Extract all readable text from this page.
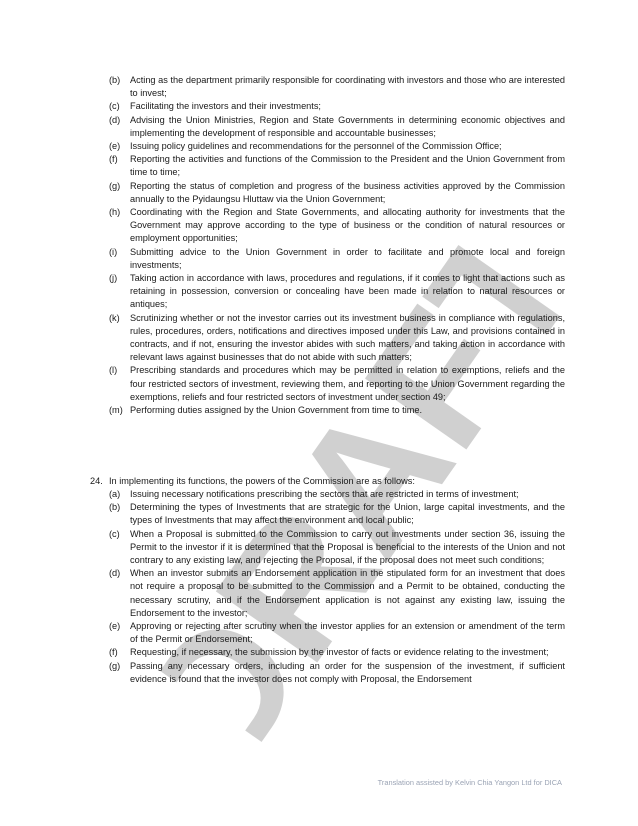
DRAFT
(b) Acting as the department primarily responsible for coordinating with investors and those who are interested to invest;
(c) Facilitating the investors and their investments;
(d) Advising the Union Ministries, Region and State Governments in determining economic objectives and implementing the development of responsible and accountable businesses;
(e) Issuing policy guidelines and recommendations for the personnel of the Commission Office;
(f) Reporting the activities and functions of the Commission to the President and the Union Government from time to time;
(g) Reporting the status of completion and progress of the business activities approved by the Commission annually to the Pyidaungsu Hluttaw via the Union Government;
(h) Coordinating with the Region and State Governments, and allocating authority for investments that the Government may approve according to the type of business or the condition of natural resources or employment opportunities;
(i) Submitting advice to the Union Government in order to facilitate and promote local and foreign investments;
(j) Taking action in accordance with laws, procedures and regulations, if it comes to light that actions such as retaining in possession, conversion or concealing have been made in relation to natural resources or antiques;
(k) Scrutinizing whether or not the investor carries out its investment business in compliance with regulations, rules, procedures, orders, notifications and directives imposed under this Law, and provisions contained in contracts, and if not, ensuring the investor abides with such matters, and taking action in accordance with relevant laws against businesses that do not abide with such matters;
(l) Prescribing standards and procedures which may be permitted in relation to exemptions, reliefs and the four restricted sectors of investment, reviewing them, and reporting to the Union Government regarding the exemptions, reliefs and four restricted sectors of investment under section 49;
(m) Performing duties assigned by the Union Government from time to time.
24. In implementing its functions, the powers of the Commission are as follows:
(a) Issuing necessary notifications prescribing the sectors that are restricted in terms of investment;
(b) Determining the types of Investments that are strategic for the Union, large capital investments, and the types of Investments that may affect the environment and local public;
(c) When a Proposal is submitted to the Commission to carry out investments under section 36, issuing the Permit to the investor if it is determined that the Proposal is beneficial to the interests of the Union and not contrary to any existing law, and rejecting the Proposal, if the proposal does not meet such conditions;
(d) When an investor submits an Endorsement application in the stipulated form for an investment that does not require a proposal to be submitted to the Commission and a Permit to be obtained, conducting the necessary scrutiny, and if the Endorsement application is not against any existing law, issuing the Endorsement to the investor;
(e) Approving or rejecting after scrutiny when the investor applies for an extension or amendment of the term of the Permit or Endorsement;
(f) Requesting, if necessary, the submission by the investor of facts or evidence relating to the investment;
(g) Passing any necessary orders, including an order for the suspension of the investment, if sufficient evidence is found that the investor does not comply with Proposal, the Endorsement
Translation assisted by Kelvin Chia Yangon Ltd for DICA
